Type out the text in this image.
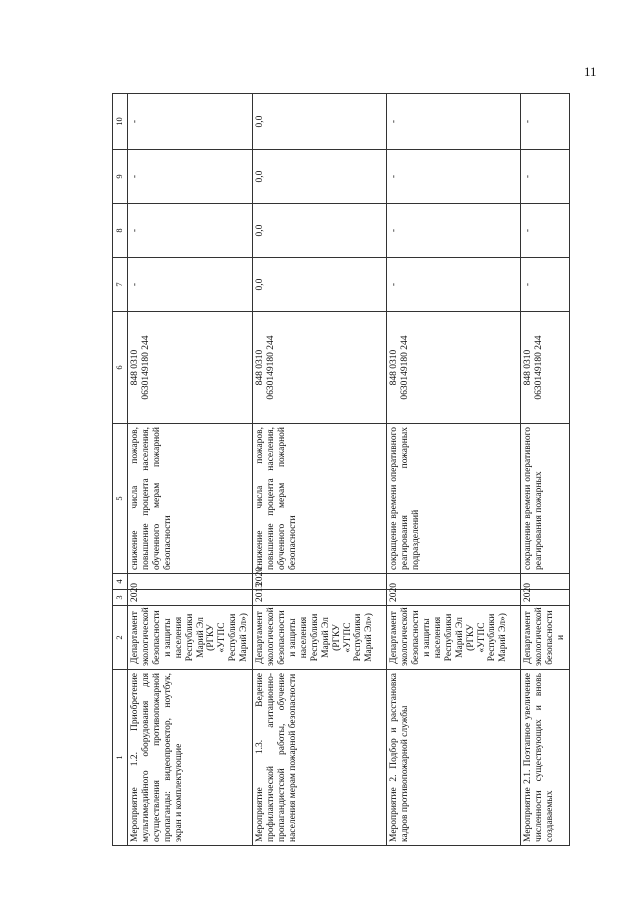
11
1	2	3	4	5	6	7	8	9	10
Мероприятие 1.2. Приобретение мультимедийного оборудования для осуществления противопожарной пропаганды: видеопроектор, ноутбук, экран и комплектующие	Департамент экологической безопасности и защиты населения Республики Марий Эл (РГКУ «УГПС Республики Марий Эл»)	2020		снижение числа пожаров, повышение процента населения, обученного мерам пожарной безопасности	848 0310 0630149180 244	-	-	-	-
Мероприятие 1.3. Ведение профилактической агитационно-пропагандистской работы, обучение населения мерам пожарной безопасности	Департамент экологической безопасности и защиты населения Республики Марий Эл (РГКУ «УГПС Республики Марий Эл»)	2013	2020	снижение числа пожаров, повышение процента населения, обученного мерам пожарной безопасности	848 0310 0630149180 244	0,0	0,0	0,0	0,0
Мероприятие 2. Подбор и расстановка кадров противопожарной службы	Департамент экологической безопасности и защиты населения Республики Марий Эл (РГКУ «УГПС Республики Марий Эл»)	2020		сокращение времени оперативного реагирования пожарных подразделений	848 0310 0630149180 244	-	-	-	-
Мероприятие 2.1. Поэтапное увеличение численности существующих и вновь создаваемых	Департамент экологической безопасности и	2020		сокращение времени оперативного реагирования пожарных	848 0310 0630149180 244	-	-	-	-
